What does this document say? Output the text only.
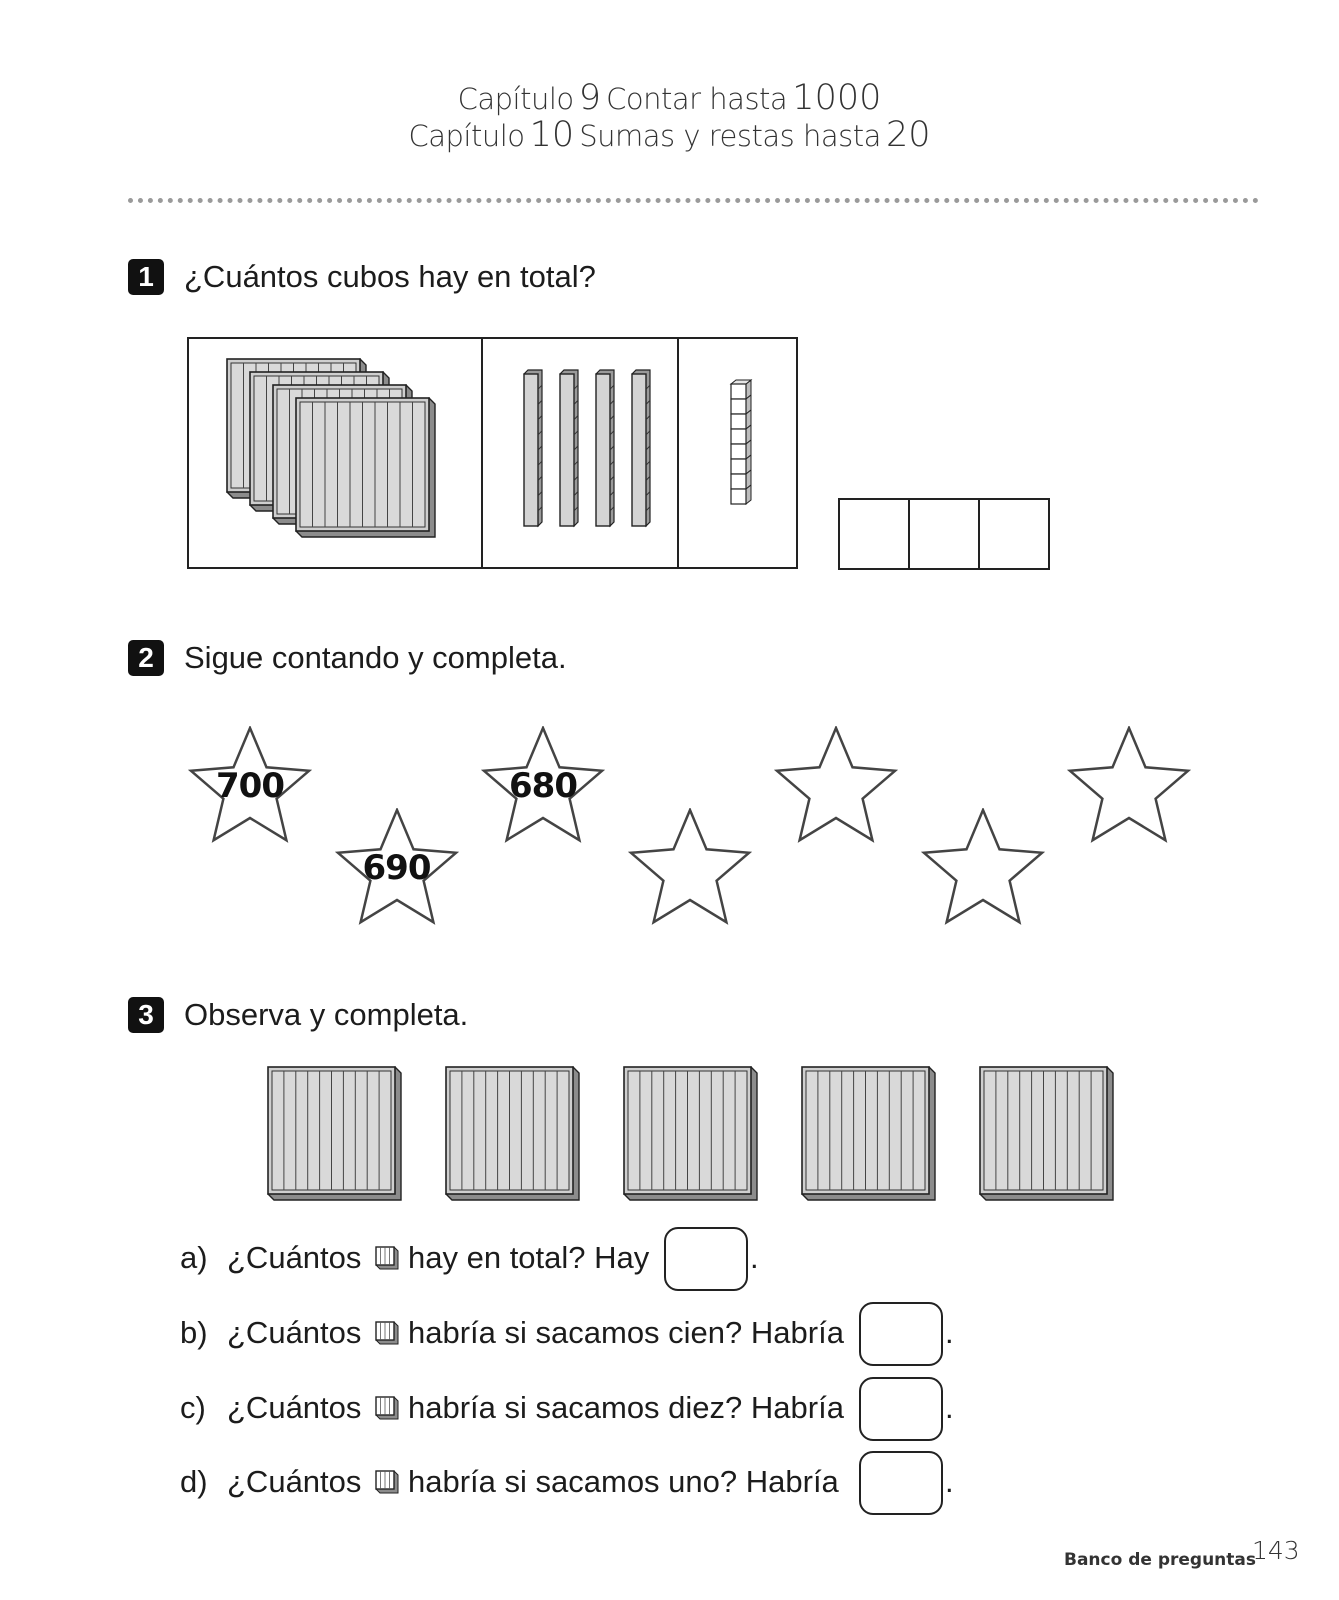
Capítulo 9 Contar hasta 1000
Capítulo 10 Sumas y restas hasta 20
1 ¿Cuántos cubos hay en total?
2 Sigue contando y completa.
700
690
680
3 Observa y completa.
a) ¿Cuántos hay en total? Hay	.
b) ¿Cuántos habría si sacamos cien? Habría	.
c) ¿Cuántos habría si sacamos diez? Habría	.
d) ¿Cuántos habría si sacamos uno? Habría	.
Banco de preguntas
143
